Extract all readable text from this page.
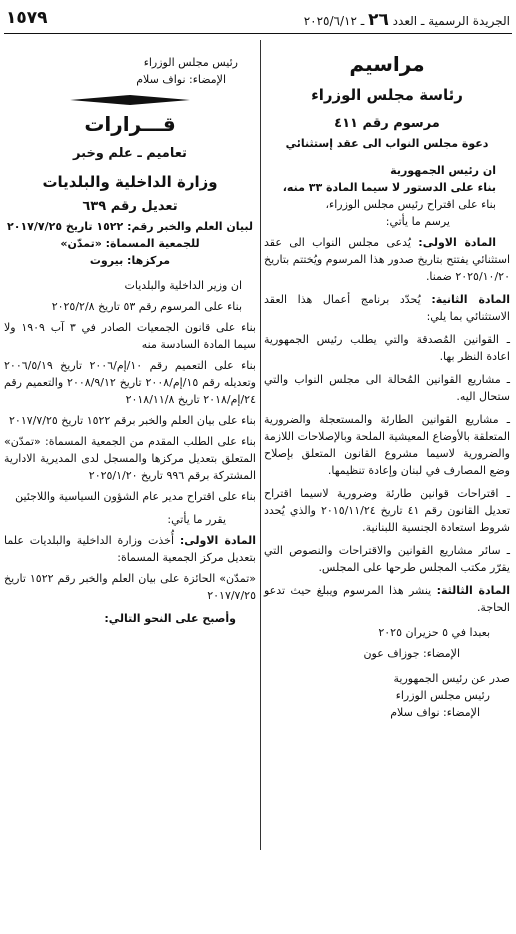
١٥٧٩	الجريدة الرسمية ـ العدد ٢٦ ـ ٢٠٢٥/٦/١٢
مراسيم
رئاسة مجلس الوزراء
مرسوم رقم ٤١١
دعوة مجلس النواب الى عقد إستثنائي

ان رئيس الجمهورية

بناء على الدستور لا سيما المادة ٣٣ منه،

بناء على اقتراح رئيس مجلس الوزراء،

يرسم ما يأتي:

المادة الاولى: يُدعى مجلس النواب الى عقد استثنائي يفتتح بتاريخ صدور هذا المرسوم ويُختتم بتاريخ ٢٠٢٥/١٠/٢٠ ضمنا.

المادة الثانية: يُحدّد برنامج أعمال هذا العقد الاستثنائي بما يلي:

ـ القوانين المُصدقة والتي يطلب رئيس الجمهورية اعادة النظر بها.

ـ مشاريع القوانين المُحالة الى مجلس النواب والتي ستحال اليه.

ـ مشاريع القوانين الطارئة والمستعجلة والضرورية المتعلقة بالأوضاع المعيشية الملحة وبالإصلاحات اللازمة والضرورية لاسيما مشروع القانون المتعلق بإصلاح وضع المصارف في لبنان وإعادة تنظيمها.

ـ اقتراحات قوانين طارئة وضرورية لاسيما اقتراح تعديل القانون رقم ٤١ تاريخ ٢٠١٥/١١/٢٤ والذي يُحدد شروط استعادة الجنسية اللبنانية.

ـ سائر مشاريع القوانين والاقتراحات والنصوص التي يقرّر مكتب المجلس طرحها على المجلس.

المادة الثالثة: ينشر هذا المرسوم ويبلغ حيث تدعو الحاجة.

بعبدا في ٥ حزيران ٢٠٢٥

الإمضاء: جوزاف عون

صدر عن رئيس الجمهورية

رئيس مجلس الوزراء

الإمضاء: نواف سلام

رئيس مجلس الوزراء

الإمضاء: نواف سلام

قـــرارات
تعاميم ـ علم وخبر
وزارة الداخلية والبلديات
تعديل رقم ٦٣٩

لبيان العلم والخبر رقم: ١٥٢٢ تاريخ ٢٠١٧/٧/٢٥

للجمعية المسماة: «تمدّن»

مركزها: بيروت

ان وزير الداخلية والبلديات

بناء على المرسوم رقم ٥٣ تاريخ ٢٠٢٥/٢/٨

بناء على قانون الجمعيات الصادر في ٣ آب ١٩٠٩ ولا سيما المادة السادسة منه

بناء على التعميم رقم ١٠/إم/٢٠٠٦ تاريخ ٢٠٠٦/٥/١٩ وتعديله رقم ١٥/إم/٢٠٠٨ تاريخ ٢٠٠٨/٩/١٢ والتعميم رقم ٢٤/إم/٢٠١٨ تاريخ ٢٠١٨/١١/٨

بناء على بيان العلم والخبر برقم ١٥٢٢ تاريخ ٢٠١٧/٧/٢٥

بناء على الطلب المقدم من الجمعية المسماة: «تمدّن» المتعلق بتعديل مركزها والمسجل لدى المديرية الادارية المشتركة برقم ٩٩٦ تاريخ ٢٠٢٥/١/٢٠

بناء على اقتراح مدير عام الشؤون السياسية واللاجئين

يقرر ما يأتي:

المادة الاولى: أُخذت وزارة الداخلية والبلديات علما بتعديل مركز الجمعية المسماة:

«تمدّن» الحائزة على بيان العلم والخبر رقم ١٥٢٢ تاريخ ٢٠١٧/٧/٢٥

وأصبح على النحو التالي:
